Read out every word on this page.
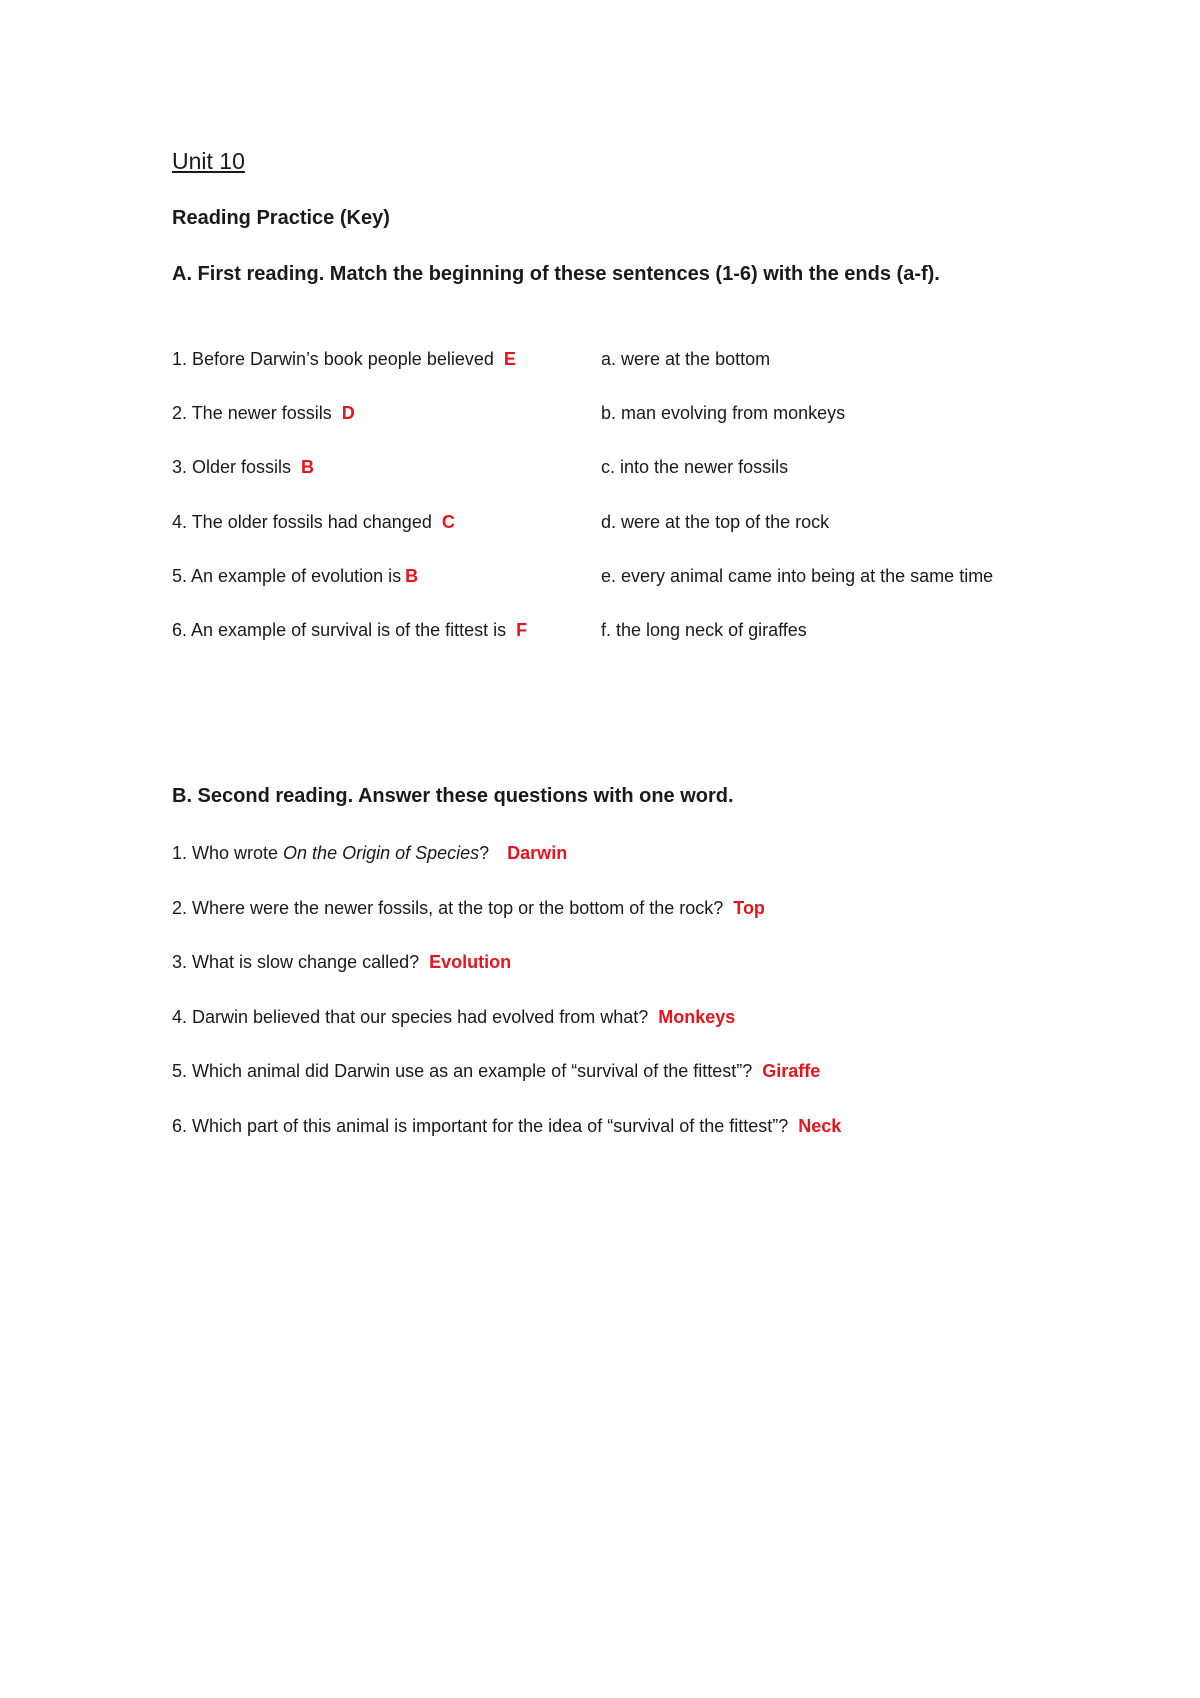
Unit 10
Reading Practice (Key)
A. First reading. Match the beginning of these sentences (1-6) with the ends (a-f).
1. Before Darwin’s book people believed E
2. The newer fossils D
3. Older fossils B
4. The older fossils had changed C
5. An example of evolution is B
6. An example of survival is of the fittest is F
a. were at the bottom
b. man evolving from monkeys
c. into the newer fossils
d. were at the top of the rock
e. every animal came into being at the same time
f. the long neck of giraffes
B. Second reading. Answer these questions with one word.
1. Who wrote On the Origin of Species? Darwin
2. Where were the newer fossils, at the top or the bottom of the rock? Top
3. What is slow change called? Evolution
4. Darwin believed that our species had evolved from what? Monkeys
5. Which animal did Darwin use as an example of “survival of the fittest”? Giraffe
6. Which part of this animal is important for the idea of “survival of the fittest”? Neck
